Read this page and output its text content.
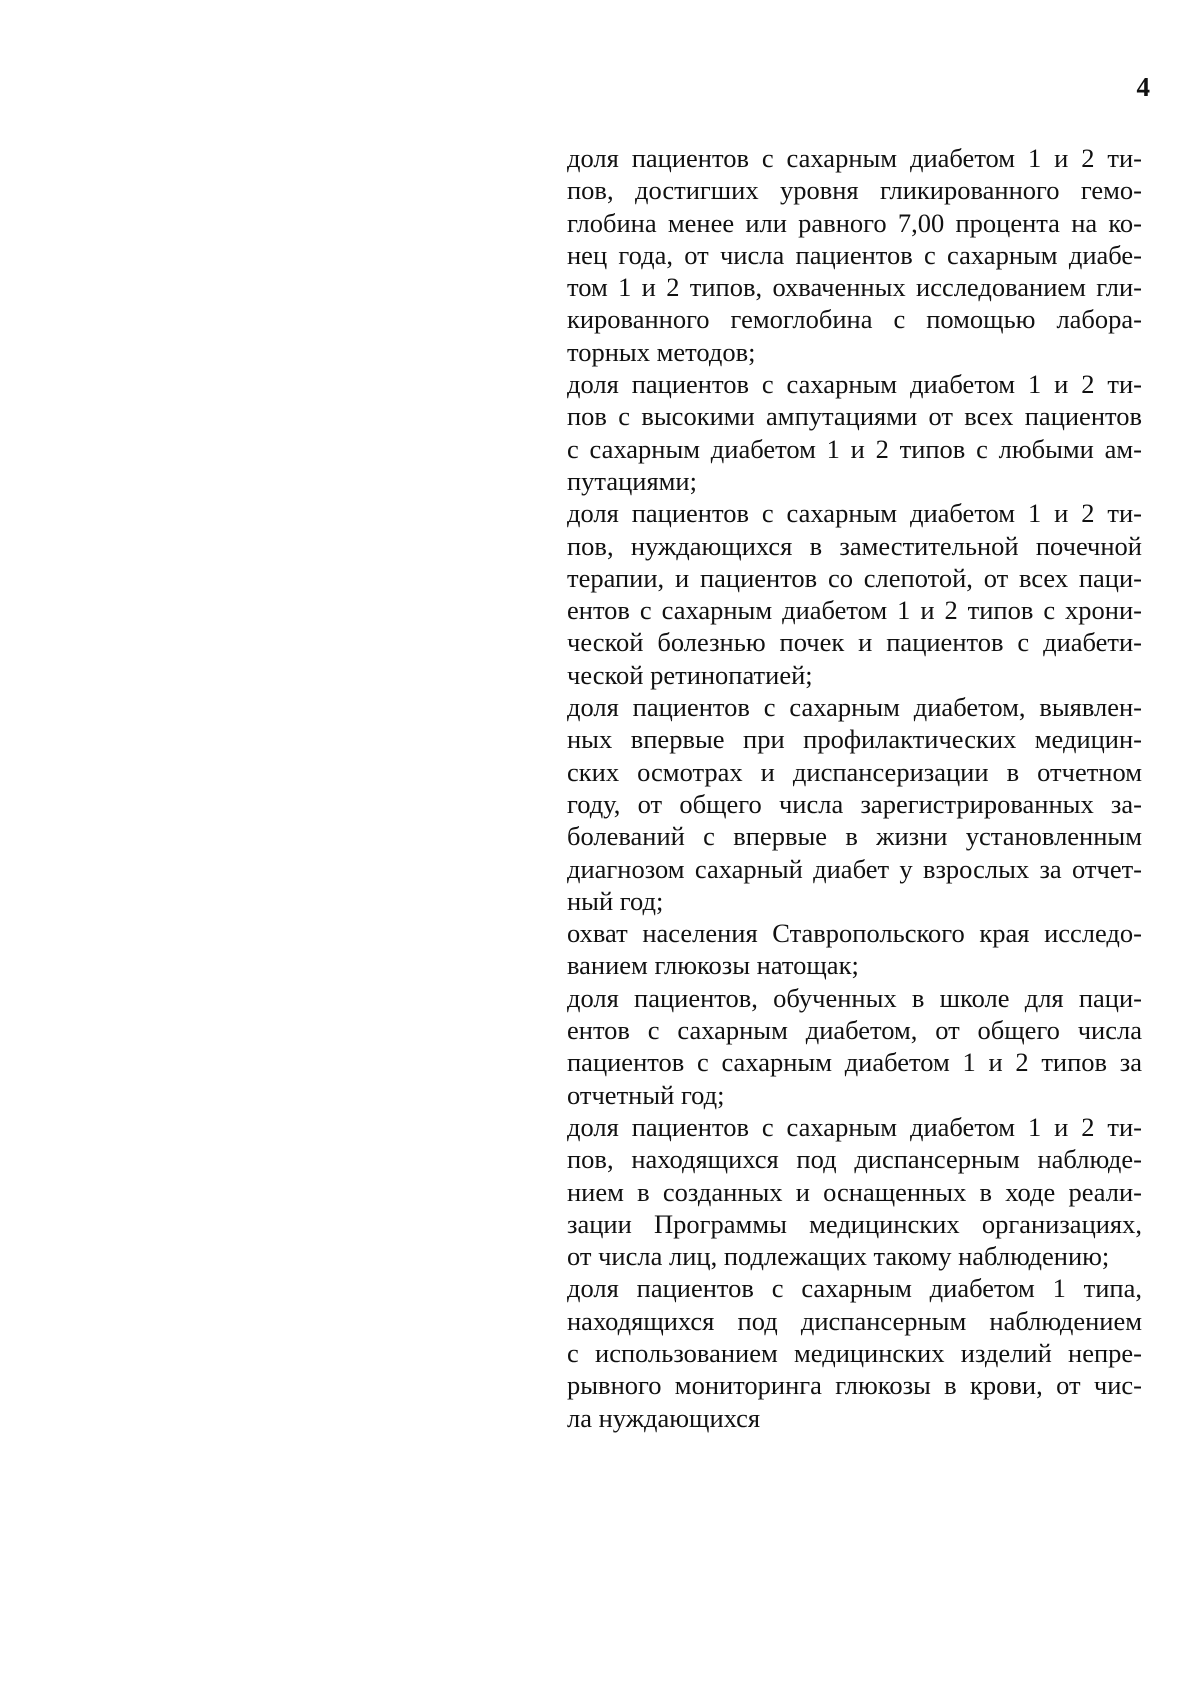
4
доля пациентов с сахарным диабетом 1 и 2 ти-
пов, достигших уровня гликированного гемо-
глобина менее или равного 7,00 процента на ко-
нец года, от числа пациентов с сахарным диабе-
том 1 и 2 типов, охваченных исследованием гли-
кированного гемоглобина с помощью лабора-
торных методов;
доля пациентов с сахарным диабетом 1 и 2 ти-
пов с высокими ампутациями от всех пациентов
с сахарным диабетом 1 и 2 типов с любыми ам-
путациями;
доля пациентов с сахарным диабетом 1 и 2 ти-
пов, нуждающихся в заместительной почечной
терапии, и пациентов со слепотой, от всех паци-
ентов с сахарным диабетом 1 и 2 типов с хрони-
ческой болезнью почек и пациентов с диабети-
ческой ретинопатией;
доля пациентов с сахарным диабетом, выявлен-
ных впервые при профилактических медицин-
ских осмотрах и диспансеризации в отчетном
году, от общего числа зарегистрированных за-
болеваний с впервые в жизни установленным
диагнозом сахарный диабет у взрослых за отчет-
ный год;
охват населения Ставропольского края исследо-
ванием глюкозы натощак;
доля пациентов, обученных в школе для паци-
ентов с сахарным диабетом, от общего числа
пациентов с сахарным диабетом 1 и 2 типов за
отчетный год;
доля пациентов с сахарным диабетом 1 и 2 ти-
пов, находящихся под диспансерным наблюде-
нием в созданных и оснащенных в ходе реали-
зации Программы медицинских организациях,
от числа лиц, подлежащих такому наблюдению;
доля пациентов с сахарным диабетом 1 типа,
находящихся под диспансерным наблюдением
с использованием медицинских изделий непре-
рывного мониторинга глюкозы в крови, от чис-
ла нуждающихся
